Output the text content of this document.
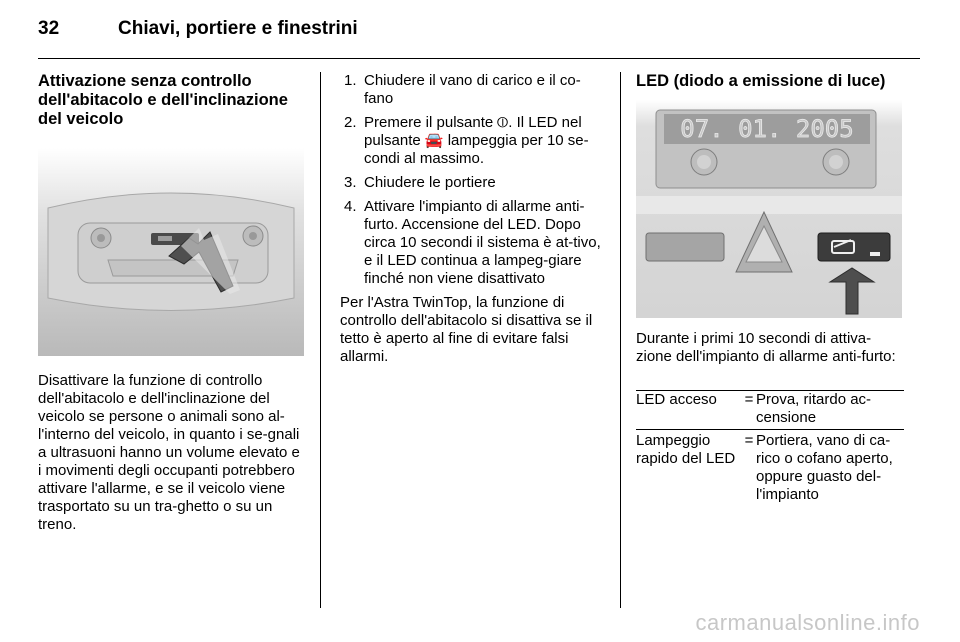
32	Chiavi, portiere e finestrini
Attivazione senza controllo dell'abitacolo e dell'inclinazione del veicolo

Disattivare la funzione di controllo dell'abitacolo e dell'inclinazione del veicolo se persone o animali sono al-l'interno del veicolo, in quanto i se-gnali a ultrasuoni hanno un volume elevato e i movimenti degli occupanti potrebbero attivare l'allarme, e se il veicolo viene trasportato su un tra-ghetto o su un treno.

1. Chiudere il vano di carico e il co-fano
2. Premere il pulsante ⦶. Il LED nel pulsante 🚘 lampeggia per 10 se-condi al massimo.
3. Chiudere le portiere
4. Attivare l'impianto di allarme anti-furto. Accensione del LED. Dopo circa 10 secondi il sistema è at-tivo, e il LED continua a lampeg-giare finché non viene disattivato

Per l'Astra TwinTop, la funzione di controllo dell'abitacolo si disattiva se il tetto è aperto al fine di evitare falsi allarmi.

LED (diodo a emissione di luce)

Durante i primi 10 secondi di attiva-zione dell'impianto di allarme anti-furto:

LED acceso	=	Prova, ritardo ac-censione
Lampeggio rapido del LED	=	Portiera, vano di ca-rico o cofano aperto, oppure guasto del-l'impianto
07. 01. 2005
carmanualsonline.info
